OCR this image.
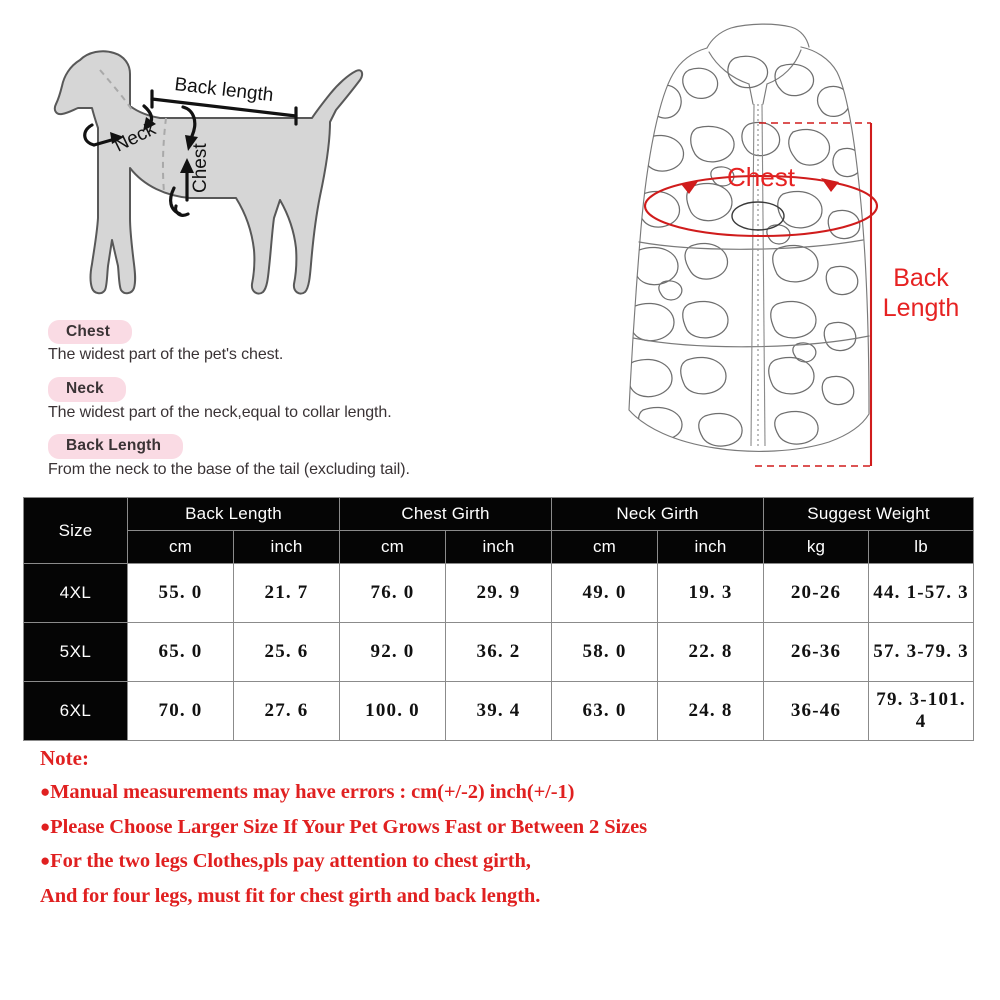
Back length
Neck
Chest	Chest
Back
Length
Chest
The widest part of the pet's chest.
Neck
The widest part of the neck,equal to collar length.
Back Length
From the neck to the base of the tail (excluding tail).
Size	Back Length		Chest Girth		Neck Girth		Suggest Weight	
	cm	inch	cm	inch	cm	inch	kg	lb
4XL	55. 0	21. 7	76. 0	29. 9	49. 0	19. 3	20-26	44. 1-57. 3
5XL	65. 0	25. 6	92. 0	36. 2	58. 0	22. 8	26-36	57. 3-79. 3
6XL	70. 0	27. 6	100. 0	39. 4	63. 0	24. 8	36-46	79. 3-101. 4
Note:
●Manual measurements may have errors : cm(+/-2) inch(+/-1)
●Please Choose Larger Size If Your Pet Grows Fast or Between 2 Sizes
●For the two legs Clothes,pls pay attention to chest girth,
And for four legs, must fit for chest girth and back length.
